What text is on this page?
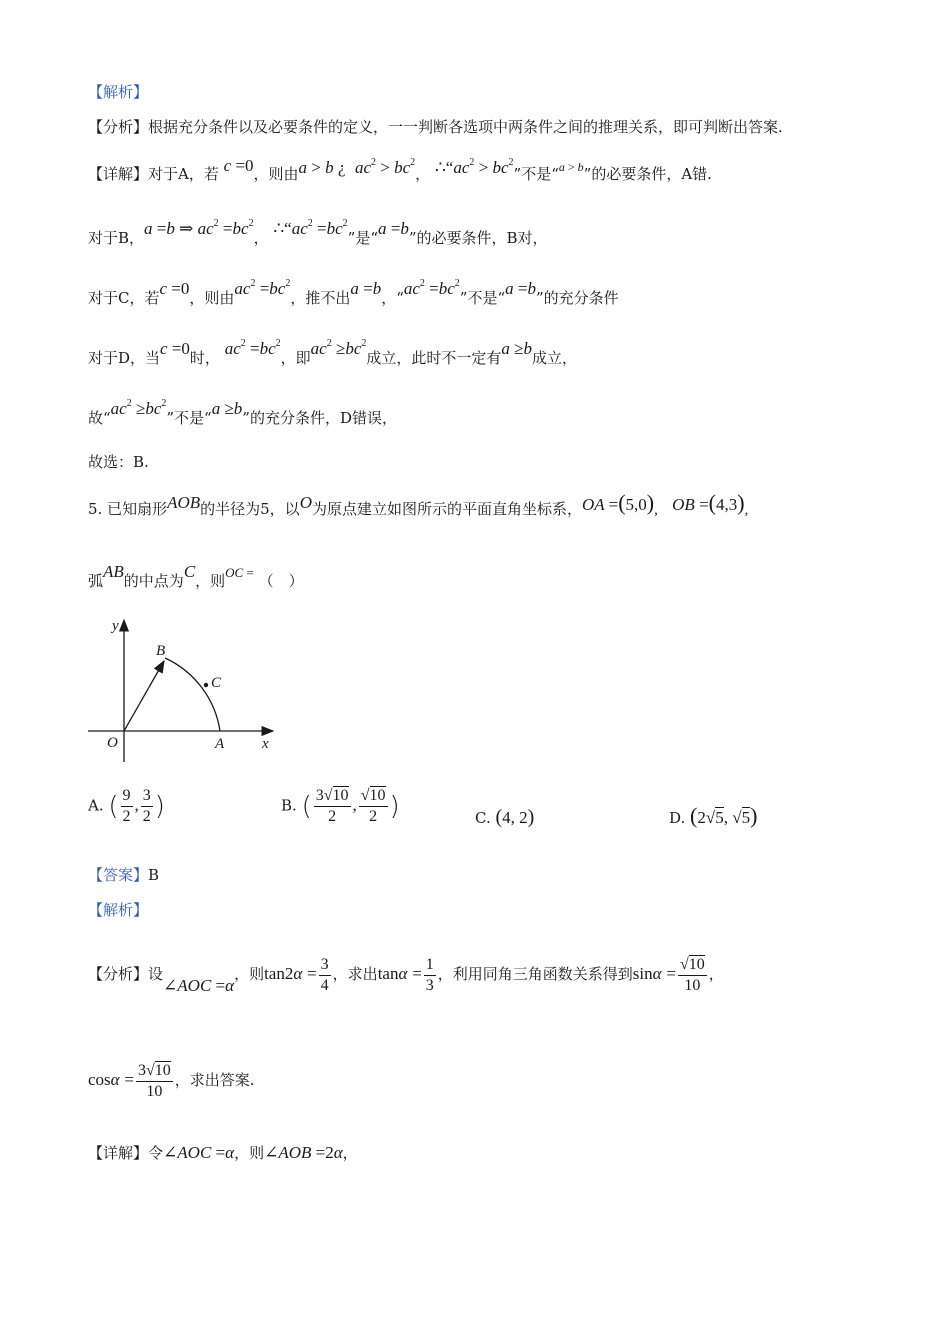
【解析】
【分析】根据充分条件以及必要条件的定义，一一判断各选项中两条件之间的推理关系，即可判断出答案.
【详解】对于A，若 c =0，则由a > b ¿ $ac^2 > bc^2$， $\therefore“ac^2 > bc^2$”不是“$^{a > b}$”的必要条件，A错.
对于B，a =b ⇒ $ac^2 =bc^2$， $\therefore“ac^2 =bc^2$”是“a =b”的必要条件，B对，
对于C，若c =0，则由$ac^2 =bc^2$，推不出a =b，“$ac^2 =bc^2$”不是“a =b”的充分条件
对于D，当c =0时， $ac^2 =bc^2$，即$ac^2 \ge bc^2$成立，此时不一定有a ≥b成立，
故“$ac^2 \ge bc^2$”不是“a ≥b”的充分条件，D错误，
故选：B.
5. 已知扇形AOB的半径为5，以O为原点建立如图所示的平面直角坐标系，OA =(5,0), OB =(4,3),
弧AB的中点为C，则OC = （　）
y
x
O	A
B
C
A. ( $\frac{9}{2}$ , $\frac{3}{2}$ )	B. ( $\frac{3√10}{2}$ , $\frac{√10}{2}$ )	C. (4, 2)	D. (2√5, √5)
【答案】B
【解析】
【分析】设∠AOC =α，则$\tan 2\alpha = \frac{3}{4}$ ，求出$\tan\alpha = \frac{1}{3}$ ，利用同角三角函数关系得到$\sin\alpha = \frac{√10}{10}$ ，
$\cos\alpha = \frac{3√10}{10}$ ，求出答案.
【详解】令∠AOC =α，则∠AOB =2α，
